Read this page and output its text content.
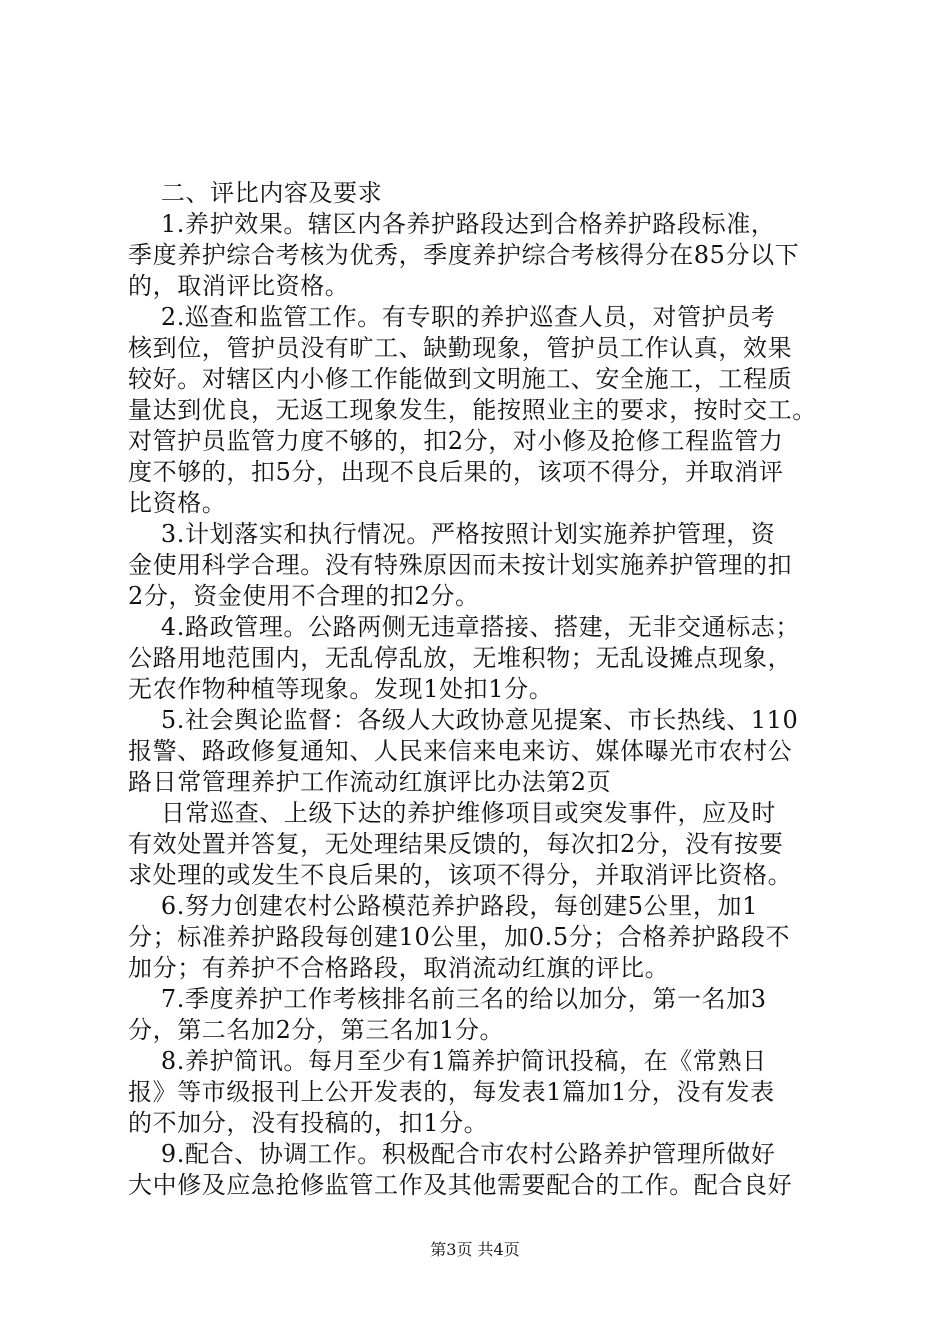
二、评比内容及要求
1.养护效果。辖区内各养护路段达到合格养护路段标准，
季度养护综合考核为优秀，季度养护综合考核得分在85分以下
的，取消评比资格。
2.巡查和监管工作。有专职的养护巡查人员，对管护员考
核到位，管护员没有旷工、缺勤现象，管护员工作认真，效果
较好。对辖区内小修工作能做到文明施工、安全施工，工程质
量达到优良，无返工现象发生，能按照业主的要求，按时交工。
对管护员监管力度不够的，扣2分，对小修及抢修工程监管力
度不够的，扣5分，出现不良后果的，该项不得分，并取消评
比资格。
3.计划落实和执行情况。严格按照计划实施养护管理，资
金使用科学合理。没有特殊原因而未按计划实施养护管理的扣
2分，资金使用不合理的扣2分。
4.路政管理。公路两侧无违章搭接、搭建，无非交通标志；
公路用地范围内，无乱停乱放，无堆积物；无乱设摊点现象，
无农作物种植等现象。发现1处扣1分。
5.社会舆论监督：各级人大政协意见提案、市长热线、110
报警、路政修复通知、人民来信来电来访、媒体曝光市农村公
路日常管理养护工作流动红旗评比办法第2页
日常巡查、上级下达的养护维修项目或突发事件，应及时
有效处置并答复，无处理结果反馈的，每次扣2分，没有按要
求处理的或发生不良后果的，该项不得分，并取消评比资格。
6.努力创建农村公路模范养护路段，每创建5公里，加1
分；标准养护路段每创建10公里，加0.5分；合格养护路段不
加分；有养护不合格路段，取消流动红旗的评比。
7.季度养护工作考核排名前三名的给以加分，第一名加3
分，第二名加2分，第三名加1分。
8.养护简讯。每月至少有1篇养护简讯投稿，在《常熟日
报》等市级报刊上公开发表的，每发表1篇加1分，没有发表
的不加分，没有投稿的，扣1分。
9.配合、协调工作。积极配合市农村公路养护管理所做好
大中修及应急抢修监管工作及其他需要配合的工作。配合良好
第3页 共4页
